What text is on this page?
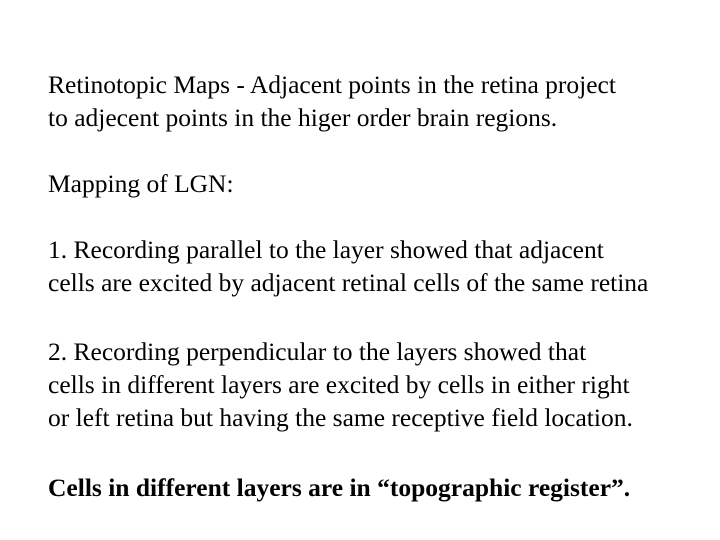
Retinotopic Maps - Adjacent points in the retina project
to adjecent points in the higer order brain regions.
Mapping of LGN:
1. Recording parallel to the layer showed that adjacent
cells are excited by adjacent retinal cells of the same retina
2. Recording perpendicular to the layers showed that
cells in different layers are excited by cells in either right
or left retina but having the same receptive field location.
Cells in different layers are in “topographic register”.
